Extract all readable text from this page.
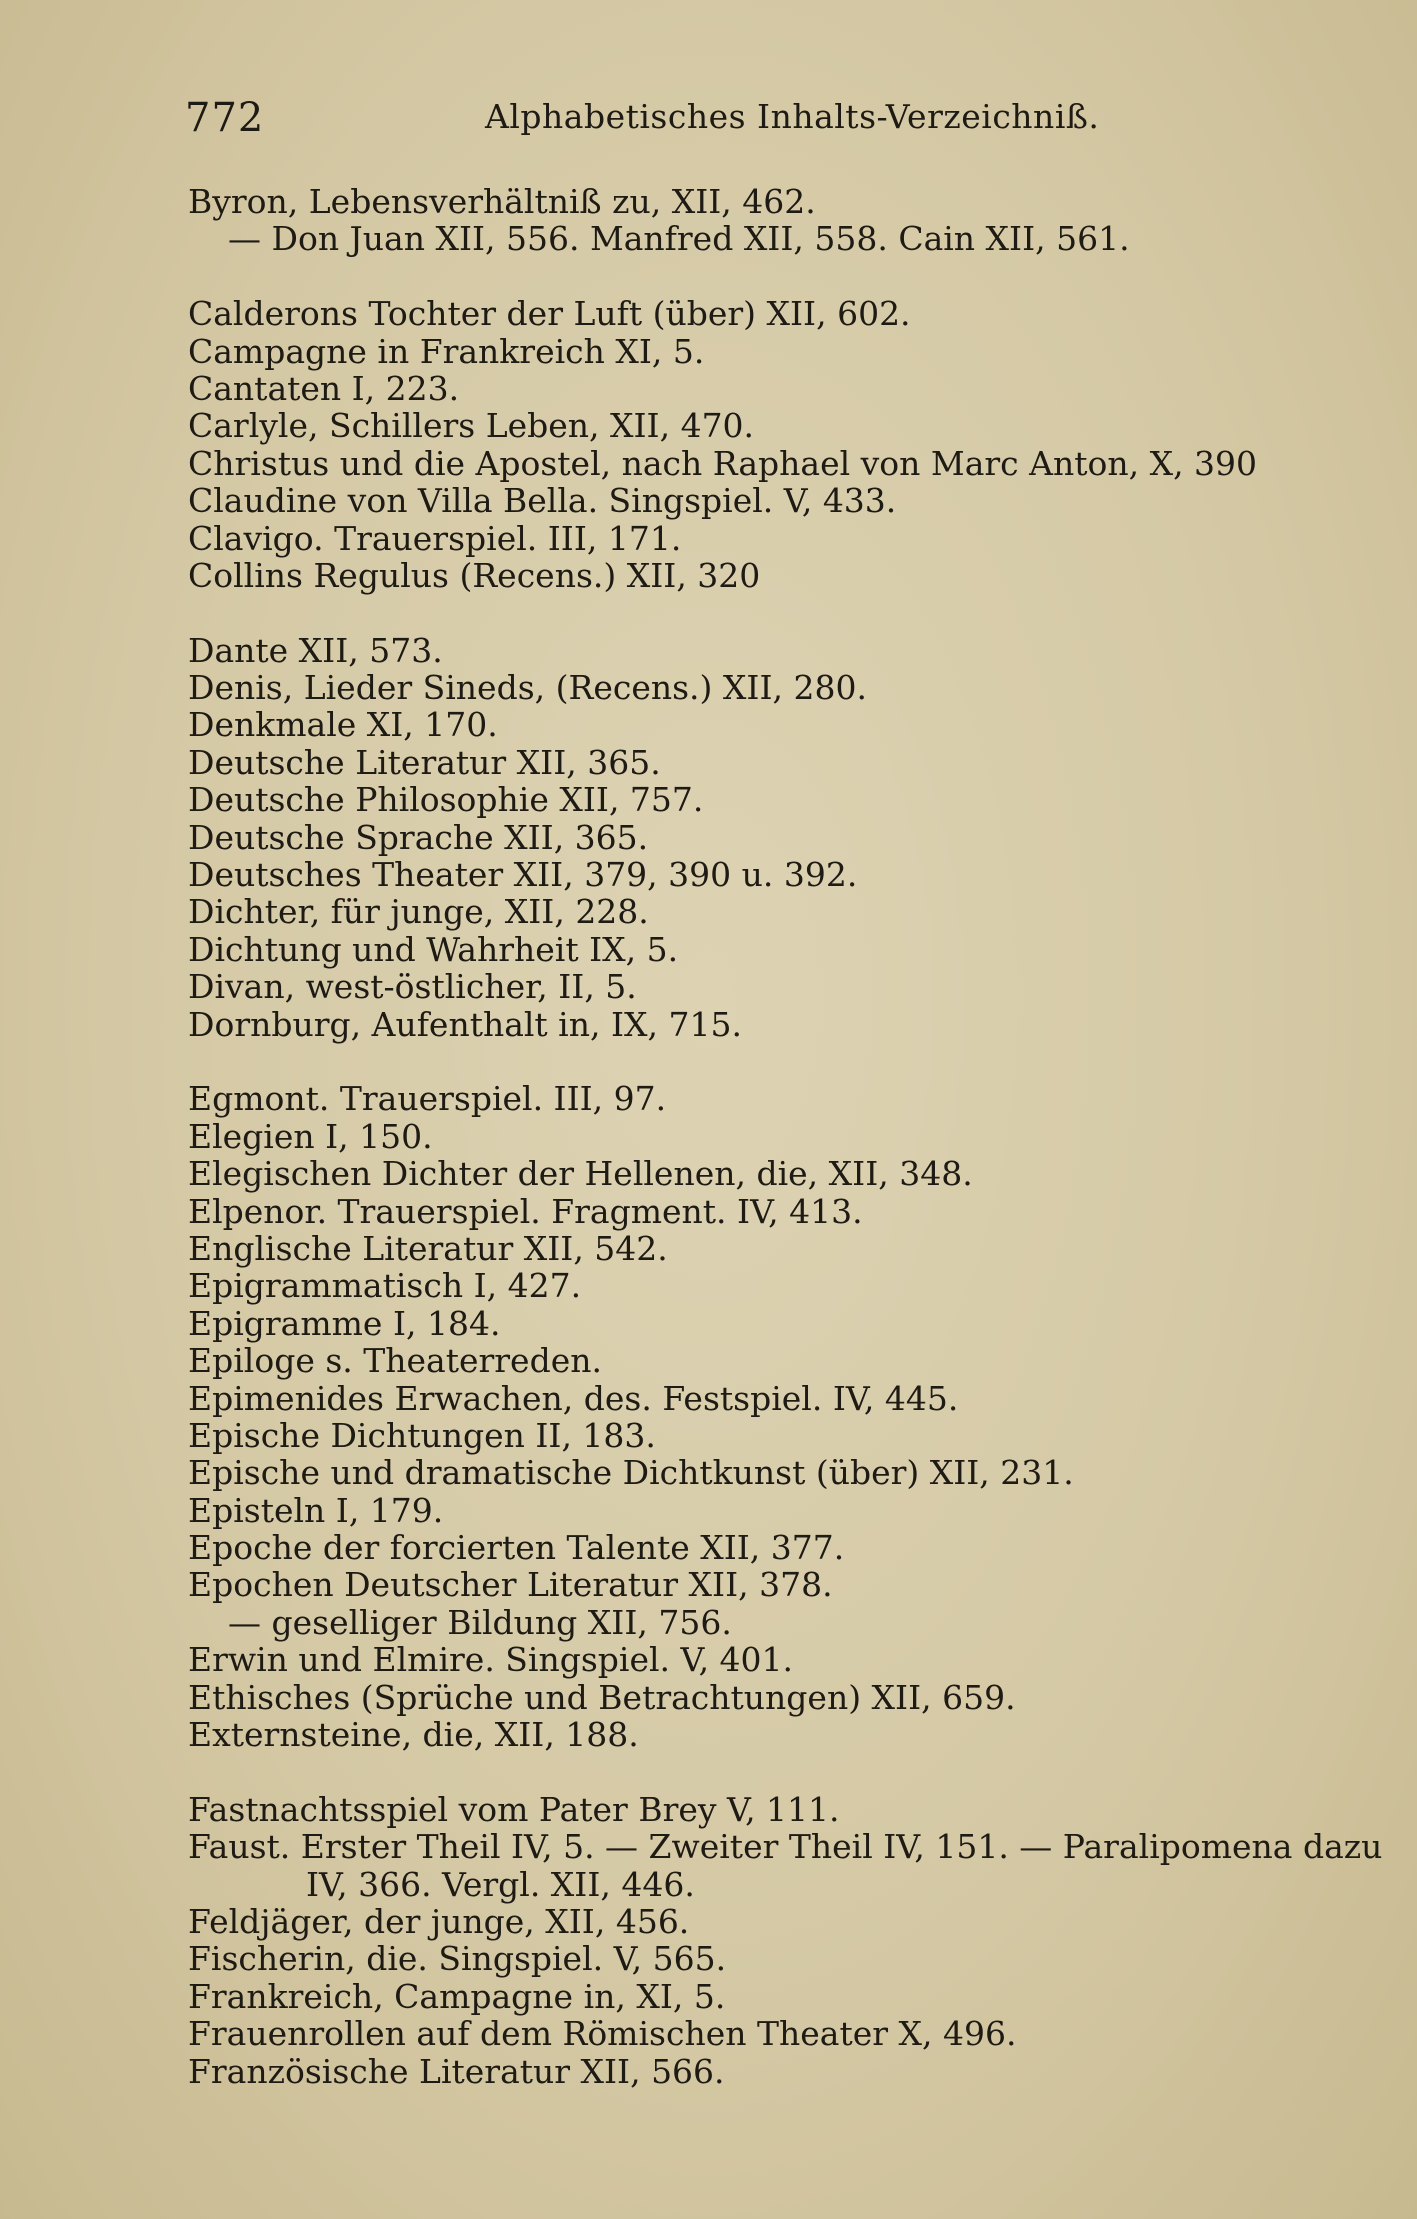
772	Alphabetisches Inhalts-Verzeichniß.
Byron, Lebensverhältniß zu, XII, 462.
— Don Juan XII, 556. Manfred XII, 558. Cain XII, 561.
Calderons Tochter der Luft (über) XII, 602.
Campagne in Frankreich XI, 5.
Cantaten I, 223.
Carlyle, Schillers Leben, XII, 470.
Christus und die Apostel, nach Raphael von Marc Anton, X, 390
Claudine von Villa Bella. Singspiel. V, 433.
Clavigo. Trauerspiel. III, 171.
Collins Regulus (Recens.) XII, 320
Dante XII, 573.
Denis, Lieder Sineds, (Recens.) XII, 280.
Denkmale XI, 170.
Deutsche Literatur XII, 365.
Deutsche Philosophie XII, 757.
Deutsche Sprache XII, 365.
Deutsches Theater XII, 379, 390 u. 392.
Dichter, für junge, XII, 228.
Dichtung und Wahrheit IX, 5.
Divan, west-östlicher, II, 5.
Dornburg, Aufenthalt in, IX, 715.
Egmont. Trauerspiel. III, 97.
Elegien I, 150.
Elegischen Dichter der Hellenen, die, XII, 348.
Elpenor. Trauerspiel. Fragment. IV, 413.
Englische Literatur XII, 542.
Epigrammatisch I, 427.
Epigramme I, 184.
Epiloge s. Theaterreden.
Epimenides Erwachen, des. Festspiel. IV, 445.
Epische Dichtungen II, 183.
Epische und dramatische Dichtkunst (über) XII, 231.
Episteln I, 179.
Epoche der forcierten Talente XII, 377.
Epochen Deutscher Literatur XII, 378.
— geselliger Bildung XII, 756.
Erwin und Elmire. Singspiel. V, 401.
Ethisches (Sprüche und Betrachtungen) XII, 659.
Externsteine, die, XII, 188.
Fastnachtsspiel vom Pater Brey V, 111.
Faust. Erster Theil IV, 5. — Zweiter Theil IV, 151. — Paralipomena dazu IV, 366. Vergl. XII, 446.
Feldjäger, der junge, XII, 456.
Fischerin, die. Singspiel. V, 565.
Frankreich, Campagne in, XI, 5.
Frauenrollen auf dem Römischen Theater X, 496.
Französische Literatur XII, 566.
